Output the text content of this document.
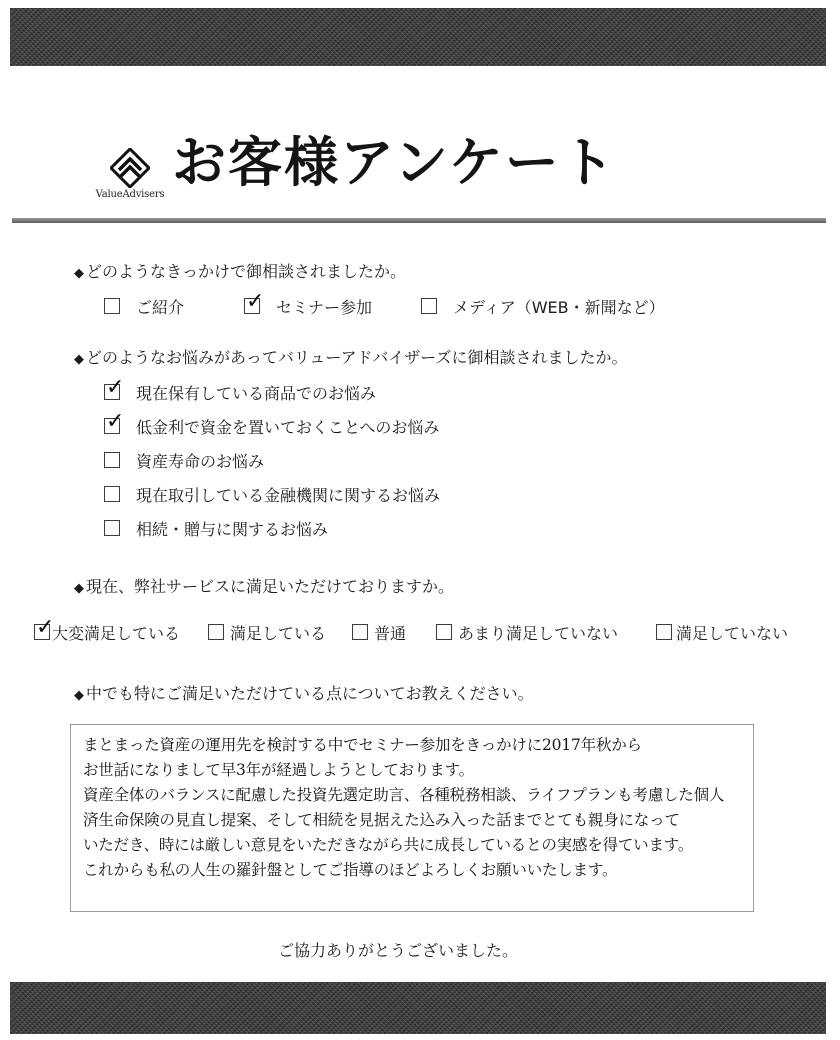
ValueAdvisers
お客様アンケート
◆ どのようなきっかけで御相談されましたか。
ご紹介	✓ セミナー参加	メディア（WEB・新聞など）
◆ どのようなお悩みがあってバリューアドバイザーズに御相談されましたか。
✓ 現在保有している商品でのお悩み
✓ 低金利で資金を置いておくことへのお悩み
資産寿命のお悩み
現在取引している金融機関に関するお悩み
相続・贈与に関するお悩み
◆ 現在、弊社サービスに満足いただけておりますか。
✓
大変満足している	満足している	普通	あまり満足していない	満足していない
◆ 中でも特にご満足いただけている点についてお教えください。
まとまった資産の運用先を検討する中でセミナー参加をきっかけに2017年秋から
お世話になりまして早3年が経過しようとしております。
資産全体のバランスに配慮した投資先選定助言、各種税務相談、ライフプランも考慮した個人
済生命保険の見直し提案、そして相続を見据えた込み入った話までとても親身になって
いただき、時には厳しい意見をいただきながら共に成長しているとの実感を得ています。
これからも私の人生の羅針盤としてご指導のほどよろしくお願いいたします。
ご協力ありがとうございました。
